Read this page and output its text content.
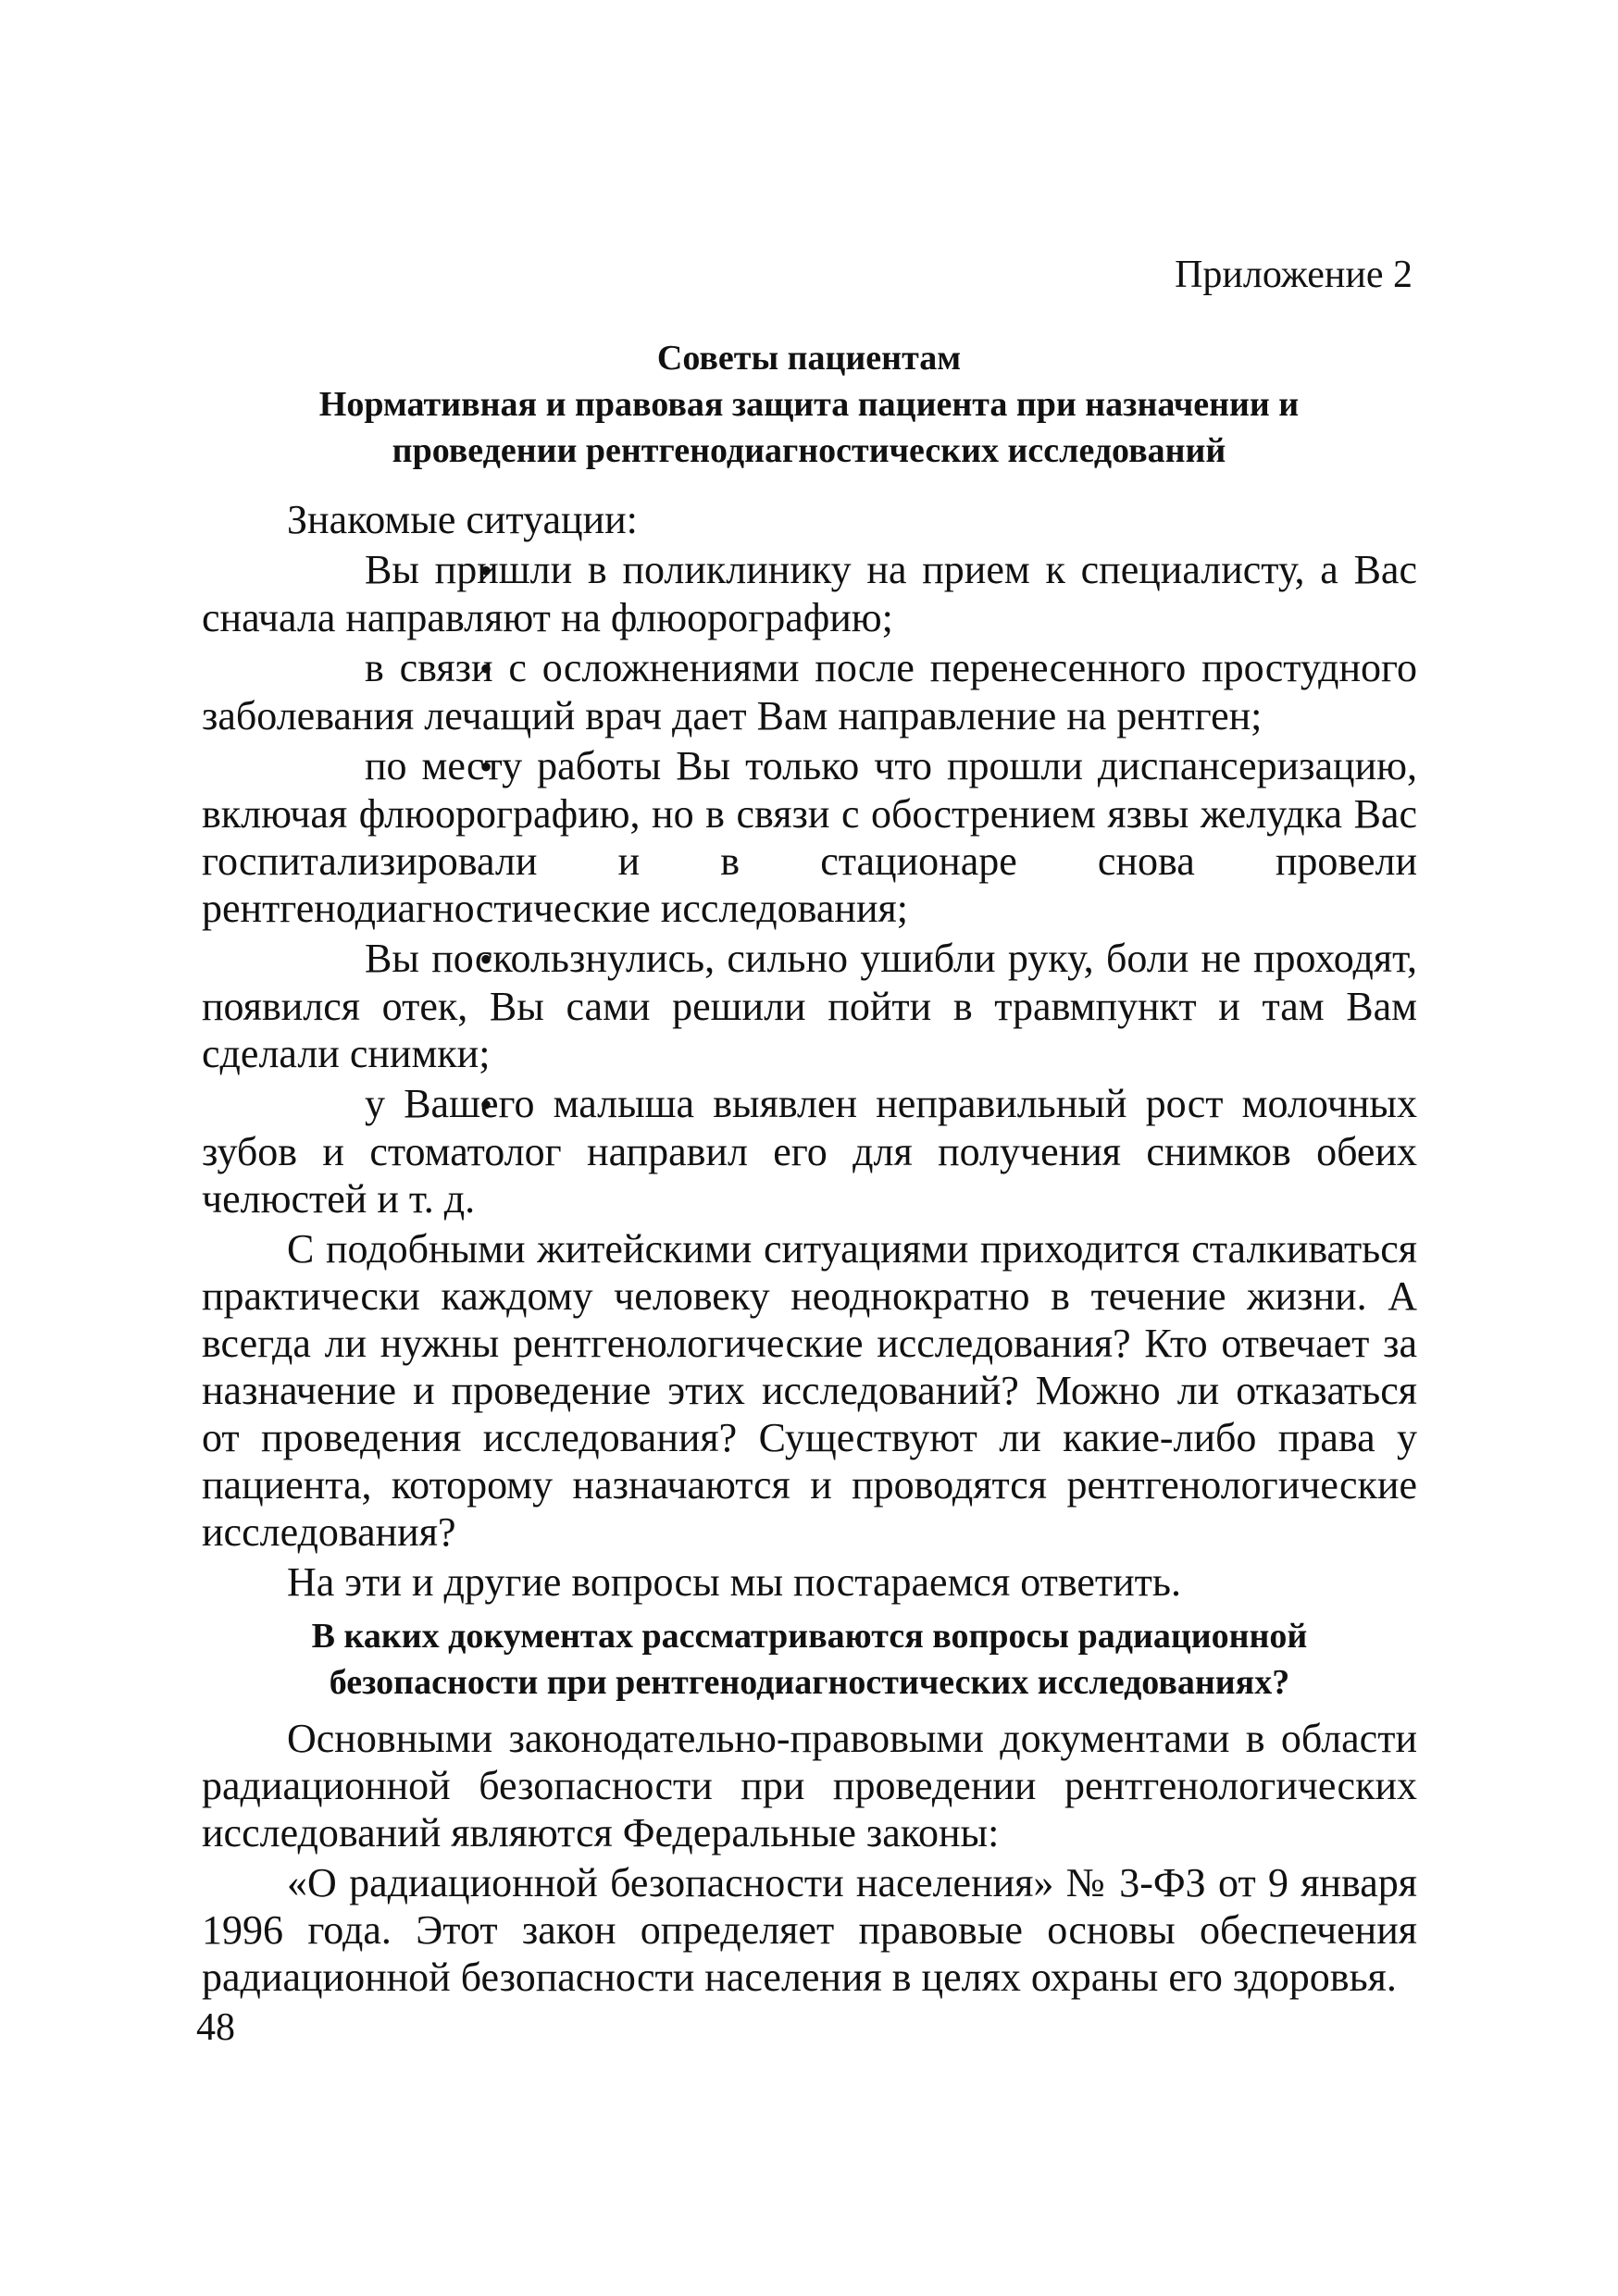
Приложение 2
Советы пациентам
Нормативная и правовая защита пациента при назначении и
проведении рентгенодиагностических исследований

Знакомые ситуации:

• Вы пришли в поликлинику на прием к специалисту, а Вас сначала направляют на флюорографию;

• в связи с осложнениями после перенесенного простудного заболевания лечащий врач дает Вам направление на рентген;

• по месту работы Вы только что прошли диспансеризацию, включая флюорографию, но в связи с обострением язвы желудка Вас госпитализировали и в стационаре снова провели рентгенодиагностические исследования;

• Вы поскользнулись, сильно ушибли руку, боли не проходят, появился отек, Вы сами решили пойти в травмпункт и там Вам сделали снимки;

• у Вашего малыша выявлен неправильный рост молочных зубов и стоматолог направил его для получения снимков обеих челюстей и т. д.

С подобными житейскими ситуациями приходится сталкиваться практически каждому человеку неоднократно в течение жизни. А всегда ли нужны рентгенологические исследования? Кто отвечает за назначение и проведение этих исследований? Можно ли отказаться от проведения исследования? Существуют ли какие-либо права у пациента, которому назначаются и проводятся рентгенологические исследования?

На эти и другие вопросы мы постараемся ответить.

В каких документах рассматриваются вопросы радиационной
безопасности при рентгенодиагностических исследованиях?

Основными законодательно-правовыми документами в области радиационной безопасности при проведении рентгенологических исследований являются Федеральные законы:

«О радиационной безопасности населения» № 3-ФЗ от 9 января 1996 года. Этот закон определяет правовые основы обеспечения радиационной безопасности населения в целях охраны его здоровья.

48
